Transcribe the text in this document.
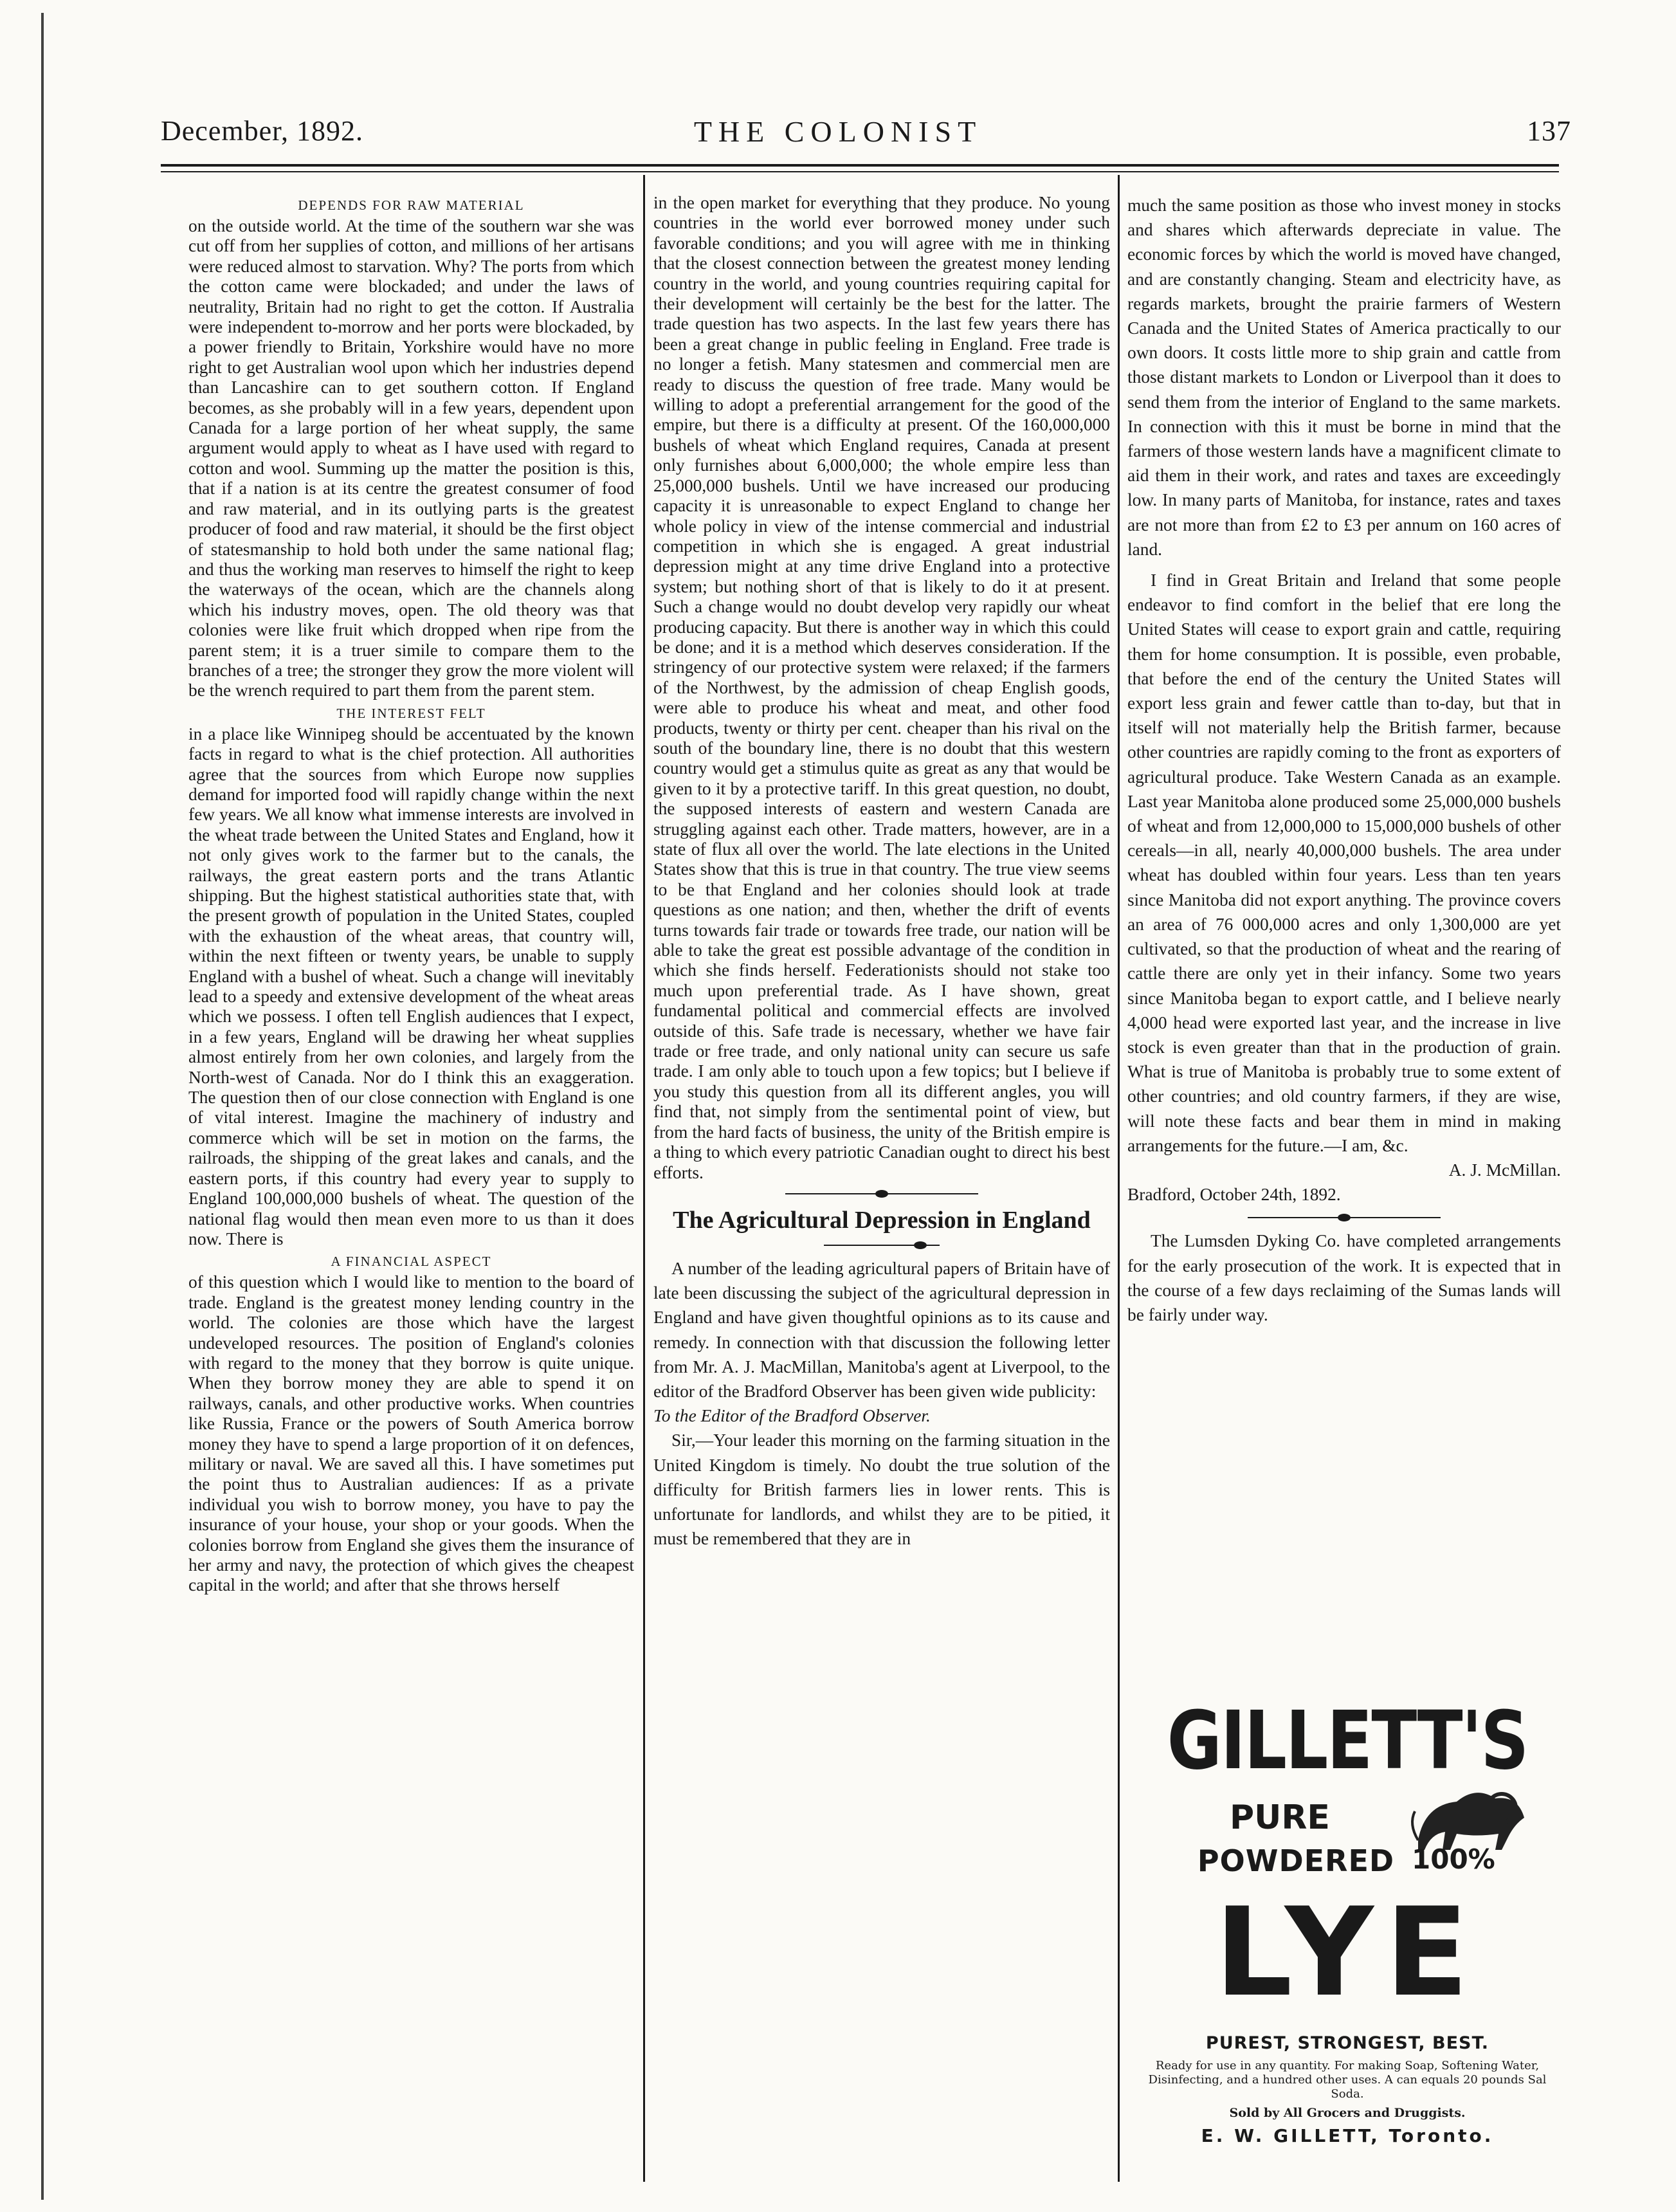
December, 1892.	THE COLONIST	137
DEPENDS FOR RAW MATERIAL

on the outside world. At the time of the southern war she was cut off from her supplies of cotton, and millions of her artisans were reduced almost to starvation. Why? The ports from which the cotton came were blockaded; and under the laws of neutrality, Britain had no right to get the cotton. If Australia were independent to-morrow and her ports were blockaded, by a power friendly to Britain, Yorkshire would have no more right to get Australian wool upon which her industries depend than Lancashire can to get southern cotton. If England becomes, as she probably will in a few years, dependent upon Canada for a large portion of her wheat supply, the same argument would apply to wheat as I have used with regard to cotton and wool. Summing up the matter the position is this, that if a nation is at its centre the greatest consumer of food and raw material, and in its outlying parts is the greatest producer of food and raw material, it should be the first object of statesmanship to hold both under the same national flag; and thus the working man reserves to himself the right to keep the waterways of the ocean, which are the channels along which his industry moves, open. The old theory was that colonies were like fruit which dropped when ripe from the parent stem; it is a truer simile to compare them to the branches of a tree; the stronger they grow the more violent will be the wrench required to part them from the parent stem.

THE INTEREST FELT

in a place like Winnipeg should be accentuated by the known facts in regard to what is the chief protection. All authorities agree that the sources from which Europe now supplies demand for imported food will rapidly change within the next few years. We all know what immense interests are involved in the wheat trade between the United States and England, how it not only gives work to the farmer but to the canals, the railways, the great eastern ports and the trans Atlantic shipping. But the highest statistical authorities state that, with the present growth of population in the United States, coupled with the exhaustion of the wheat areas, that country will, within the next fifteen or twenty years, be unable to supply England with a bushel of wheat. Such a change will inevitably lead to a speedy and extensive development of the wheat areas which we possess. I often tell English audiences that I expect, in a few years, England will be drawing her wheat supplies almost entirely from her own colonies, and largely from the North-west of Canada. Nor do I think this an exaggeration. The question then of our close connection with England is one of vital interest. Imagine the machinery of industry and commerce which will be set in motion on the farms, the railroads, the shipping of the great lakes and canals, and the eastern ports, if this country had every year to supply to England 100,000,000 bushels of wheat. The question of the national flag would then mean even more to us than it does now. There is

A FINANCIAL ASPECT

of this question which I would like to mention to the board of trade. England is the greatest money lending country in the world. The colonies are those which have the largest undeveloped resources. The position of England's colonies with regard to the money that they borrow is quite unique. When they borrow money they are able to spend it on railways, canals, and other productive works. When countries like Russia, France or the powers of South America borrow money they have to spend a large proportion of it on defences, military or naval. We are saved all this. I have sometimes put the point thus to Australian audiences: If as a private individual you wish to borrow money, you have to pay the insurance of your house, your shop or your goods. When the colonies borrow from England she gives them the insurance of her army and navy, the protection of which gives the cheapest capital in the world; and after that she throws herself

in the open market for everything that they produce. No young countries in the world ever borrowed money under such favorable conditions; and you will agree with me in thinking that the closest connection between the greatest money lending country in the world, and young countries requiring capital for their development will certainly be the best for the latter. The trade question has two aspects. In the last few years there has been a great change in public feeling in England. Free trade is no longer a fetish. Many statesmen and commercial men are ready to discuss the question of free trade. Many would be willing to adopt a preferential arrangement for the good of the empire, but there is a difficulty at present. Of the 160,000,000 bushels of wheat which England requires, Canada at present only furnishes about 6,000,000; the whole empire less than 25,000,000 bushels. Until we have increased our producing capacity it is unreasonable to expect England to change her whole policy in view of the intense commercial and industrial competition in which she is engaged. A great industrial depression might at any time drive England into a protective system; but nothing short of that is likely to do it at present. Such a change would no doubt develop very rapidly our wheat producing capacity. But there is another way in which this could be done; and it is a method which deserves consideration. If the stringency of our protective system were relaxed; if the farmers of the Northwest, by the admission of cheap English goods, were able to produce his wheat and meat, and other food products, twenty or thirty per cent. cheaper than his rival on the south of the boundary line, there is no doubt that this western country would get a stimulus quite as great as any that would be given to it by a protective tariff. In this great question, no doubt, the supposed interests of eastern and western Canada are struggling against each other. Trade matters, however, are in a state of flux all over the world. The late elections in the United States show that this is true in that country. The true view seems to be that England and her colonies should look at trade questions as one nation; and then, whether the drift of events turns towards fair trade or towards free trade, our nation will be able to take the great est possible advantage of the condition in which she finds herself. Federationists should not stake too much upon preferential trade. As I have shown, great fundamental political and commercial effects are involved outside of this. Safe trade is necessary, whether we have fair trade or free trade, and only national unity can secure us safe trade. I am only able to touch upon a few topics; but I believe if you study this question from all its different angles, you will find that, not simply from the sentimental point of view, but from the hard facts of business, the unity of the British empire is a thing to which every patriotic Canadian ought to direct his best efforts.

The Agricultural Depression in England

A number of the leading agricultural papers of Britain have of late been discussing the subject of the agricultural depression in England and have given thoughtful opinions as to its cause and remedy. In connection with that discussion the following letter from Mr. A. J. MacMillan, Manitoba's agent at Liverpool, to the editor of the Bradford Observer has been given wide publicity:

To the Editor of the Bradford Observer.

Sir,—Your leader this morning on the farming situation in the United Kingdom is timely. No doubt the true solution of the difficulty for British farmers lies in lower rents. This is unfortunate for landlords, and whilst they are to be pitied, it must be remembered that they are in

much the same position as those who invest money in stocks and shares which afterwards depreciate in value. The economic forces by which the world is moved have changed, and are constantly changing. Steam and electricity have, as regards markets, brought the prairie farmers of Western Canada and the United States of America practically to our own doors. It costs little more to ship grain and cattle from those distant markets to London or Liverpool than it does to send them from the interior of England to the same markets. In connection with this it must be borne in mind that the farmers of those western lands have a magnificent climate to aid them in their work, and rates and taxes are exceedingly low. In many parts of Manitoba, for instance, rates and taxes are not more than from £2 to £3 per annum on 160 acres of land.

I find in Great Britain and Ireland that some people endeavor to find comfort in the belief that ere long the United States will cease to export grain and cattle, requiring them for home consumption. It is possible, even probable, that before the end of the century the United States will export less grain and fewer cattle than to-day, but that in itself will not materially help the British farmer, because other countries are rapidly coming to the front as exporters of agricultural produce. Take Western Canada as an example. Last year Manitoba alone produced some 25,000,000 bushels of wheat and from 12,000,000 to 15,000,000 bushels of other cereals—in all, nearly 40,000,000 bushels. The area under wheat has doubled within four years. Less than ten years since Manitoba did not export anything. The province covers an area of 76 000,000 acres and only 1,300,000 are yet cultivated, so that the production of wheat and the rearing of cattle there are only yet in their infancy. Some two years since Manitoba began to export cattle, and I believe nearly 4,000 head were exported last year, and the increase in live stock is even greater than that in the production of grain. What is true of Manitoba is probably true to some extent of other countries; and old country farmers, if they are wise, will note these facts and bear them in mind in making arrangements for the future.—I am, &c.

A. J. McMillan.

Bradford, October 24th, 1892.

The Lumsden Dyking Co. have completed arrangements for the early prosecution of the work. It is expected that in the course of a few days reclaiming of the Sumas lands will be fairly under way.

GILLETT'S
PURE
POWDERED 100%
LYE
PUREST, STRONGEST, BEST.
Ready for use in any quantity. For making Soap, Softening Water, Disinfecting, and a hundred other uses. A can equals 20 pounds Sal Soda.
Sold by All Grocers and Druggists.
E. W. GILLETT, Toronto.
